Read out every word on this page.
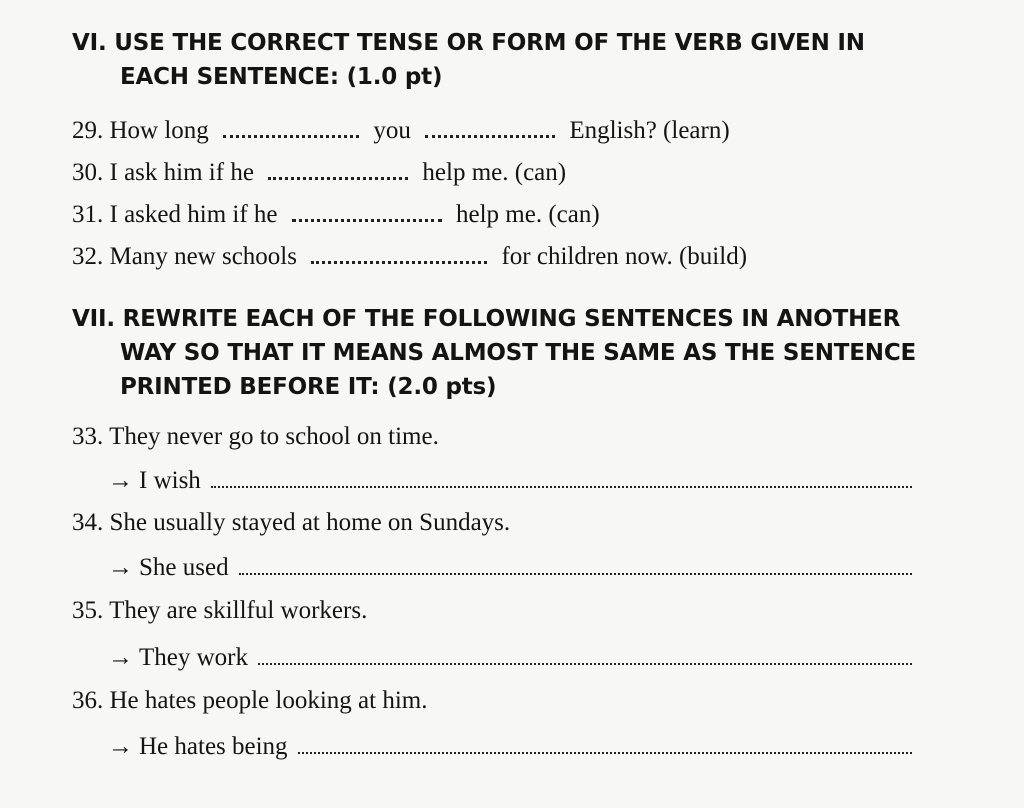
VI. USE THE CORRECT TENSE OR FORM OF THE VERB GIVEN IN
EACH SENTENCE: (1.0 pt)
29. How long	you	English? (learn)
30. I ask him if he	help me. (can)
31. I asked him if he	help me. (can)
32. Many new schools	for children now. (build)
VII. REWRITE EACH OF THE FOLLOWING SENTENCES IN ANOTHER
WAY SO THAT IT MEANS ALMOST THE SAME AS THE SENTENCE
PRINTED BEFORE IT: (2.0 pts)
33. They never go to school on time.
→ I wish
34. She usually stayed at home on Sundays.
→ She used
35. They are skillful workers.
→ They work
36. He hates people looking at him.
→ He hates being
